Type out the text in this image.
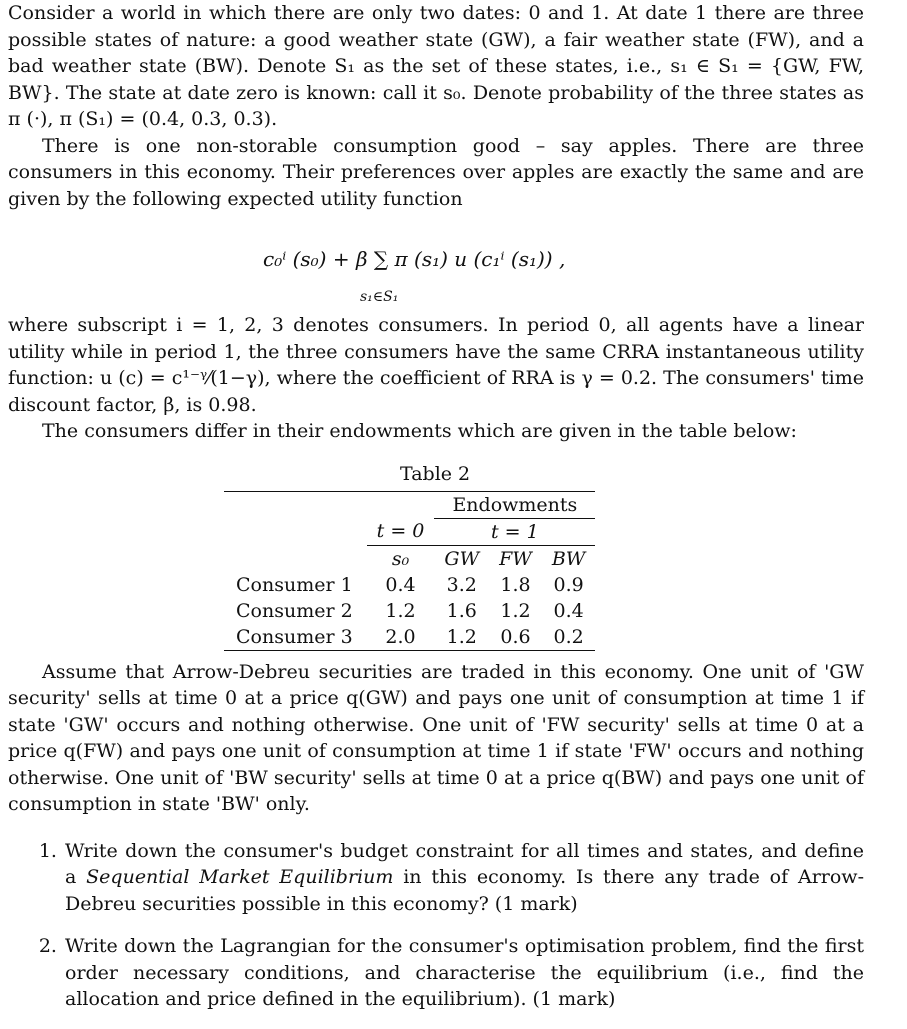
Consider a world in which there are only two dates: 0 and 1. At date 1 there are three possible states of nature: a good weather state (GW), a fair weather state (FW), and a bad weather state (BW). Denote S₁ as the set of these states, i.e., s₁ ∈ S₁ = {GW, FW, BW}. The state at date zero is known: call it s₀. Denote probability of the three states as π (·), π (S₁) = (0.4, 0.3, 0.3).

There is one non-storable consumption good – say apples. There are three consumers in this economy. Their preferences over apples are exactly the same and are given by the following expected utility function

c₀ⁱ (s₀) + β ∑ π (s₁) u (c₁ⁱ (s₁)) ,
s₁∈S₁

where subscript i = 1, 2, 3 denotes consumers. In period 0, all agents have a linear utility while in period 1, the three consumers have the same CRRA instantaneous utility function: u (c) = c¹⁻ᵞ⁄(1−γ), where the coefficient of RRA is γ = 0.2. The consumers' time discount factor, β, is 0.98.

The consumers differ in their endowments which are given in the table below:

Table 2
		Endowments		
	t = 0	t = 1		
	s₀	GW	FW	BW
Consumer 1	0.4	3.2	1.8	0.9
Consumer 2	1.2	1.6	1.2	0.4
Consumer 3	2.0	1.2	0.6	0.2

Assume that Arrow-Debreu securities are traded in this economy. One unit of 'GW security' sells at time 0 at a price q(GW) and pays one unit of consumption at time 1 if state 'GW' occurs and nothing otherwise. One unit of 'FW security' sells at time 0 at a price q(FW) and pays one unit of consumption at time 1 if state 'FW' occurs and nothing otherwise. One unit of 'BW security' sells at time 0 at a price q(BW) and pays one unit of consumption in state 'BW' only.

1. Write down the consumer's budget constraint for all times and states, and define a Sequential Market Equilibrium in this economy. Is there any trade of Arrow-Debreu securities possible in this economy? (1 mark)
2. Write down the Lagrangian for the consumer's optimisation problem, find the first order necessary conditions, and characterise the equilibrium (i.e., find the allocation and price defined in the equilibrium). (1 mark)
